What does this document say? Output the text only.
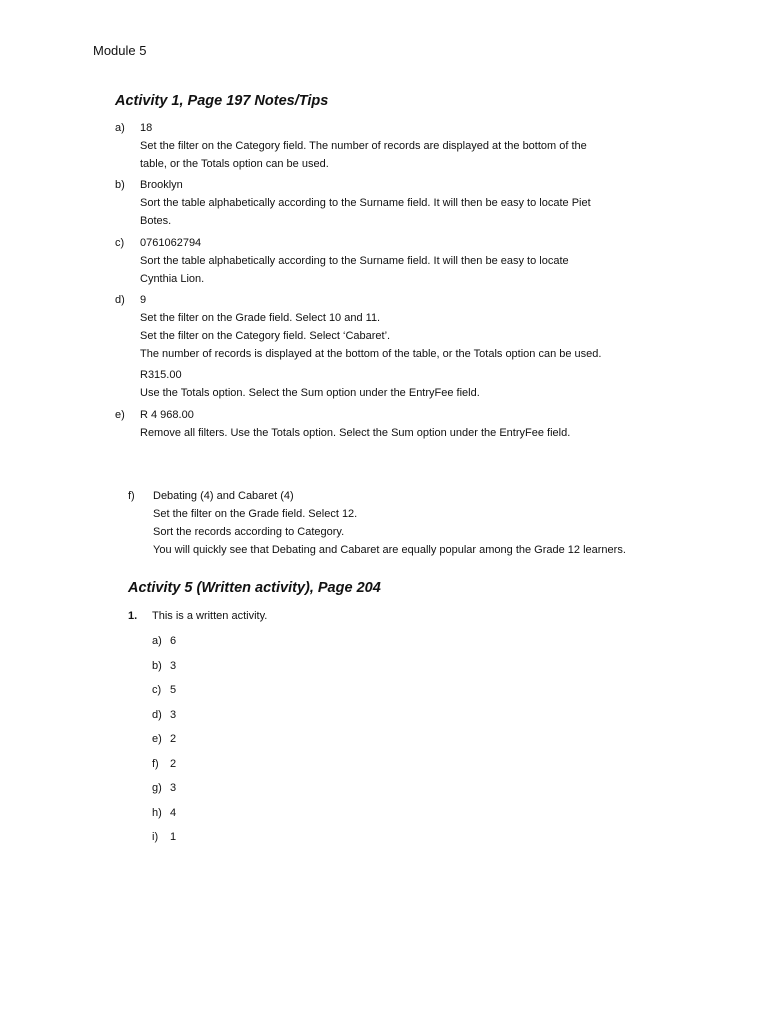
Module 5
Activity 1, Page 197 Notes/Tips
a)	18
Set the filter on the Category field. The number of records are displayed at the bottom of the
table, or the Totals option can be used.
b)	Brooklyn
Sort the table alphabetically according to the Surname field. It will then be easy to locate Piet
Botes.
c)	0761062794
Sort the table alphabetically according to the Surname field. It will then be easy to locate
Cynthia Lion.
d)	9
Set the filter on the Grade field. Select 10 and 11.
Set the filter on the Category field. Select ‘Cabaret’.
The number of records is displayed at the bottom of the table, or the Totals option can be used.
R315.00
Use the Totals option. Select the Sum option under the EntryFee field.
e)	R 4 968.00
Remove all filters. Use the Totals option. Select the Sum option under the EntryFee field.
f)	Debating (4) and Cabaret (4)
Set the filter on the Grade field. Select 12.
Sort the records according to Category.
You will quickly see that Debating and Cabaret are equally popular among the Grade 12 learners.
Activity 5 (Written activity), Page 204
1. This is a written activity.
a) 6
b) 3
c) 5
d) 3
e) 2
f) 2
g) 3
h) 4
i) 1
